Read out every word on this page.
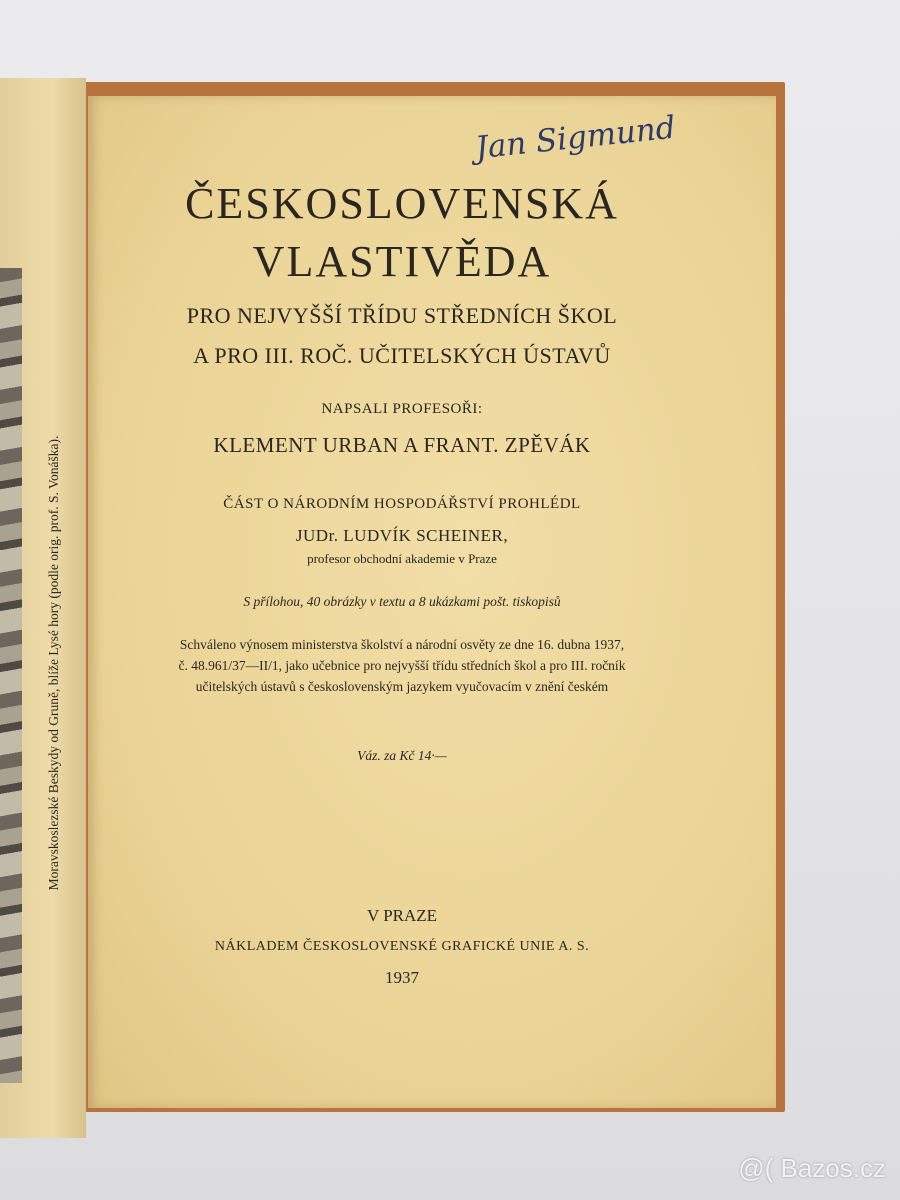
Moravskoslezské Beskydy od Gruně, blíže Lysé hory (podle orig. prof. S. Vonáška).
Jan Sigmund
ČESKOSLOVENSKÁ
VLASTIVĚDA
PRO NEJVYŠŠÍ TŘÍDU STŘEDNÍCH ŠKOL
A PRO III. ROČ. UČITELSKÝCH ÚSTAVŮ
NAPSALI PROFESOŘI:
KLEMENT URBAN A FRANT. ZPĚVÁK
ČÁST O NÁRODNÍM HOSPODÁŘSTVÍ PROHLÉDL
JUDr. LUDVÍK SCHEINER,
profesor obchodní akademie v Praze
S přílohou, 40 obrázky v textu a 8 ukázkami pošt. tiskopisů
Schváleno výnosem ministerstva školství a národní osvěty ze dne 16. dubna 1937,
č. 48.961/37—II/1, jako učebnice pro nejvyšší třídu středních škol a pro III. ročník
učitelských ústavů s československým jazykem vyučovacím v znění českém
Váz. za Kč 14·—
V PRAZE
NÁKLADEM ČESKOSLOVENSKÉ GRAFICKÉ UNIE A. S.
1937
@( Bazos.cz
